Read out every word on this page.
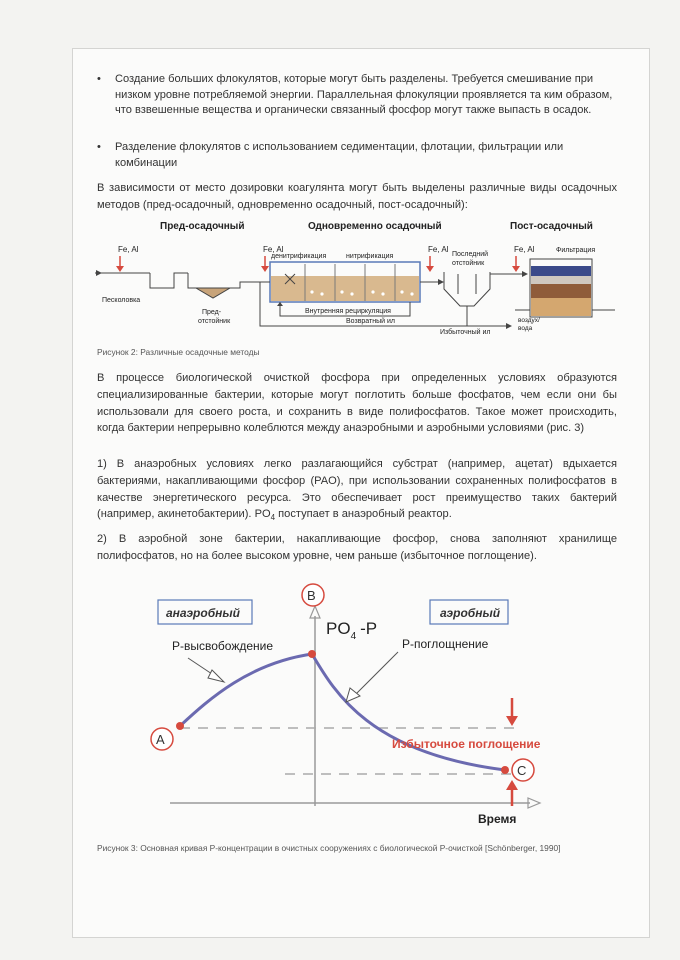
•	Создание больших флокулятов, которые могут быть разделены. Требуется смешивание при низком уровне потребляемой энергии. Параллельная флокуляции проявляется та ким образом, что взвешенные вещества и органически связанный фосфор могут также выпасть в осадок.
•	Разделение флокулятов с использованием седиментации, флотации, фильтрации или комбинации
В зависимости от место дозировки коагулянта могут быть выделены различные виды осадочных методов (пред-осадочный, одновременно осадочный, пост-осадочный):
Рисунок 2: Различные осадочные методы
В процессе биологической очисткой фосфора при определенных условиях образуются специализированные бактерии, которые могут поглотить больше фосфатов, чем если они бы использовали для своего роста, и сохранить в виде полифосфатов. Такое может происходить, когда бактерии непрерывно колеблются между анаэробными и аэробными условиями (рис. 3)
1) В анаэробных условиях легко разлагающийся субстрат (например, ацетат) вдыхается бактериями, накапливающими фосфор (PAO), при использовании сохраненных полифосфатов в качестве энергетического ресурса. Это обеспечивает рост преимущество таких бактерий (например, акинетобактерии). $PO_4$ поступает в анаэробный реактор.
2) В аэробной зоне бактерии, накапливающие фосфор, снова заполняют хранилище полифосфатов, но на более высоком уровне, чем раньше (избыточное поглощение).
Рисунок 3: Основная кривая P-концентрации в очистных сооружениях с биологической P-очисткой [Schönberger, 1990]
Пред-осадочный	Одновременно осадочный	Пост-осадочный
Fe, Al	Fe, Al	Fe, Al	Fe, Al
Песколовка
Пред-
отстойник
денитрификация	нитрификация
Внутренняя рециркуляция
Последний
отстойник
Возвратный ил
Избыточный ил
Фильтрация
воздух/
вода
анаэробный	аэробный
$PO_4$ -P
A
B
C
P-высвобождение	P-поглощнение
Избыточное поглощение
Время
